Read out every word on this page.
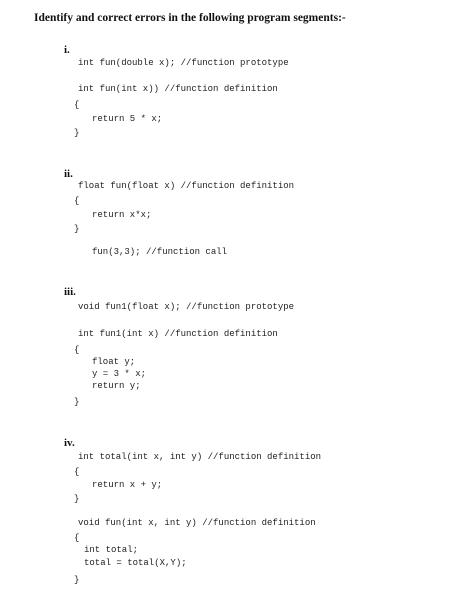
Identify and correct errors in the following program segments:-
i.
int fun(double x); //function prototype
int fun(int x)) //function definition
{
return 5 * x;
}
ii.
float fun(float x) //function definition
{
return x*x;
}
fun(3,3); //function call
iii.
void fun1(float x); //function prototype
int fun1(int x) //function definition
{
float y;
y = 3 * x;
return y;
}
iv.
int total(int x, int y) //function definition
{
return x + y;
}
void fun(int x, int y) //function definition
{
int total;
total = total(X,Y);
}
